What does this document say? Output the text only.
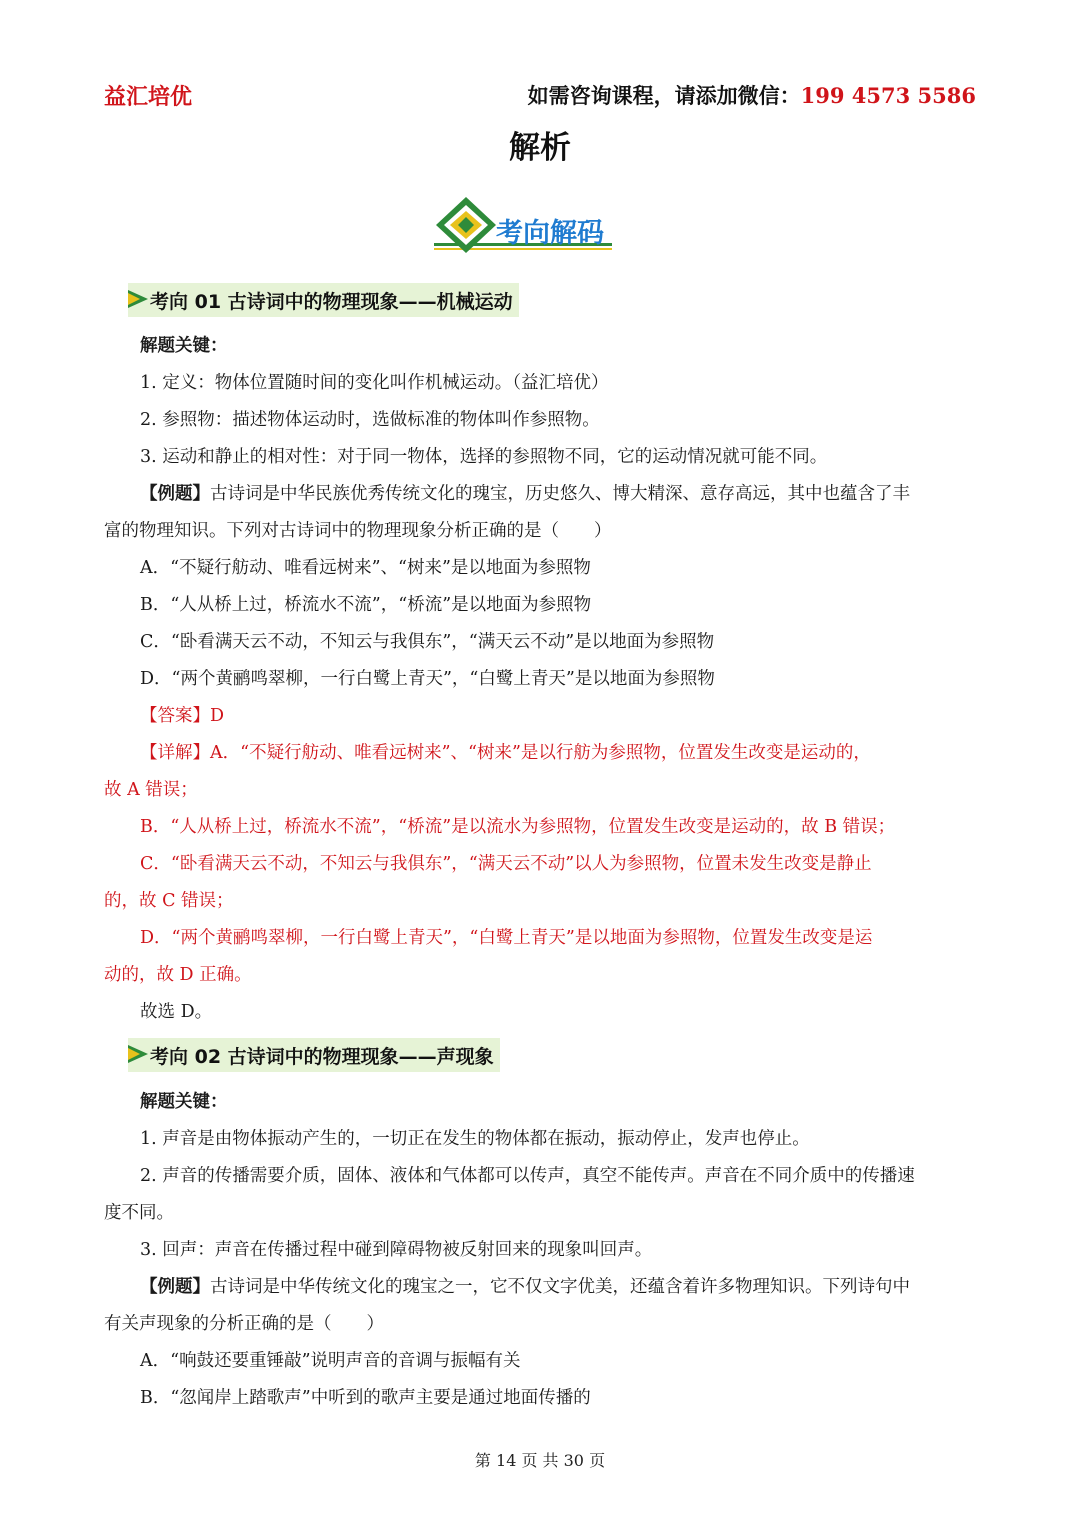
益汇培优	如需咨询课程，请添加微信：199 4573 5586
解析
考向解码
考向 01 古诗词中的物理现象——机械运动
解题关键：
1. 定义：物体位置随时间的变化叫作机械运动。（益汇培优）
2. 参照物：描述物体运动时，选做标准的物体叫作参照物。
3. 运动和静止的相对性：对于同一物体，选择的参照物不同，它的运动情况就可能不同。
【例题】古诗词是中华民族优秀传统文化的瑰宝，历史悠久、博大精深、意存高远，其中也蕴含了丰
富的物理知识。下列对古诗词中的物理现象分析正确的是（　　）
A．“不疑行舫动、唯看远树来”、“树来”是以地面为参照物
B．“人从桥上过，桥流水不流”，“桥流”是以地面为参照物
C．“卧看满天云不动，不知云与我俱东”，“满天云不动”是以地面为参照物
D．“两个黄鹂鸣翠柳，一行白鹭上青天”，“白鹭上青天”是以地面为参照物
【答案】D
【详解】A．“不疑行舫动、唯看远树来”、“树来”是以行舫为参照物，位置发生改变是运动的，
故 A 错误；
B．“人从桥上过，桥流水不流”，“桥流”是以流水为参照物，位置发生改变是运动的，故 B 错误；
C．“卧看满天云不动，不知云与我俱东”，“满天云不动”以人为参照物，位置未发生改变是静止
的，故 C 错误；
D．“两个黄鹂鸣翠柳，一行白鹭上青天”，“白鹭上青天”是以地面为参照物，位置发生改变是运
动的，故 D 正确。
故选 D。
考向 02 古诗词中的物理现象——声现象
解题关键：
1. 声音是由物体振动产生的，一切正在发生的物体都在振动，振动停止，发声也停止。
2. 声音的传播需要介质，固体、液体和气体都可以传声，真空不能传声。声音在不同介质中的传播速
度不同。
3. 回声：声音在传播过程中碰到障碍物被反射回来的现象叫回声。
【例题】古诗词是中华传统文化的瑰宝之一，它不仅文字优美，还蕴含着许多物理知识。下列诗句中
有关声现象的分析正确的是（　　）
A．“响鼓还要重锤敲”说明声音的音调与振幅有关
B．“忽闻岸上踏歌声”中听到的歌声主要是通过地面传播的
第 14 页 共 30 页
